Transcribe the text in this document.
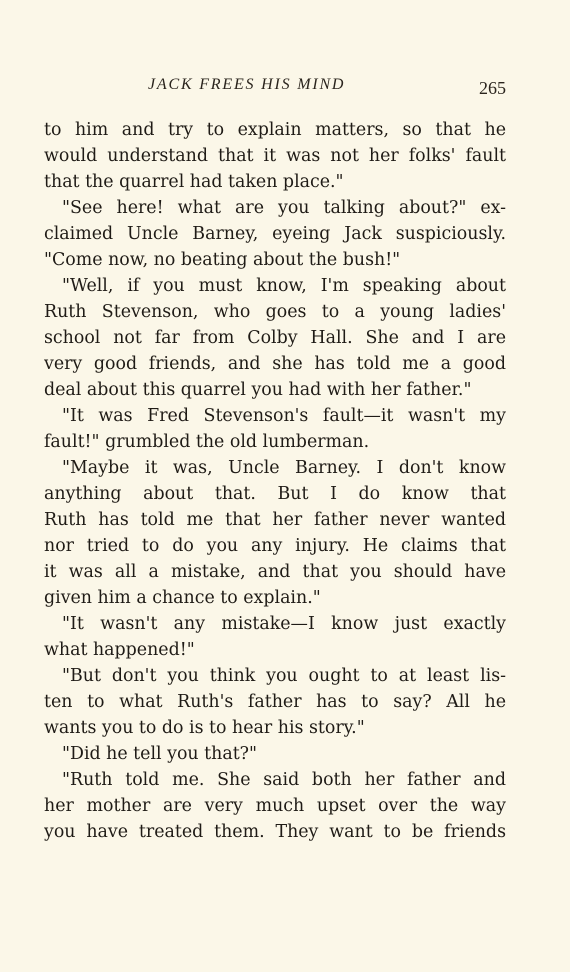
JACK FREES HIS MIND	265
to him and try to explain matters, so that he
would understand that it was not her folks' fault
that the quarrel had taken place."
"See here! what are you talking about?" ex-
claimed Uncle Barney, eyeing Jack suspiciously.
"Come now, no beating about the bush!"
"Well, if you must know, I'm speaking about
Ruth Stevenson, who goes to a young ladies'
school not far from Colby Hall. She and I are
very good friends, and she has told me a good
deal about this quarrel you had with her father."
"It was Fred Stevenson's fault—it wasn't my
fault!" grumbled the old lumberman.
"Maybe it was, Uncle Barney. I don't know
anything about that. But I do know that
Ruth has told me that her father never wanted
nor tried to do you any injury. He claims that
it was all a mistake, and that you should have
given him a chance to explain."
"It wasn't any mistake—I know just exactly
what happened!"
"But don't you think you ought to at least lis-
ten to what Ruth's father has to say? All he
wants you to do is to hear his story."
"Did he tell you that?"
"Ruth told me. She said both her father and
her mother are very much upset over the way
you have treated them. They want to be friends
